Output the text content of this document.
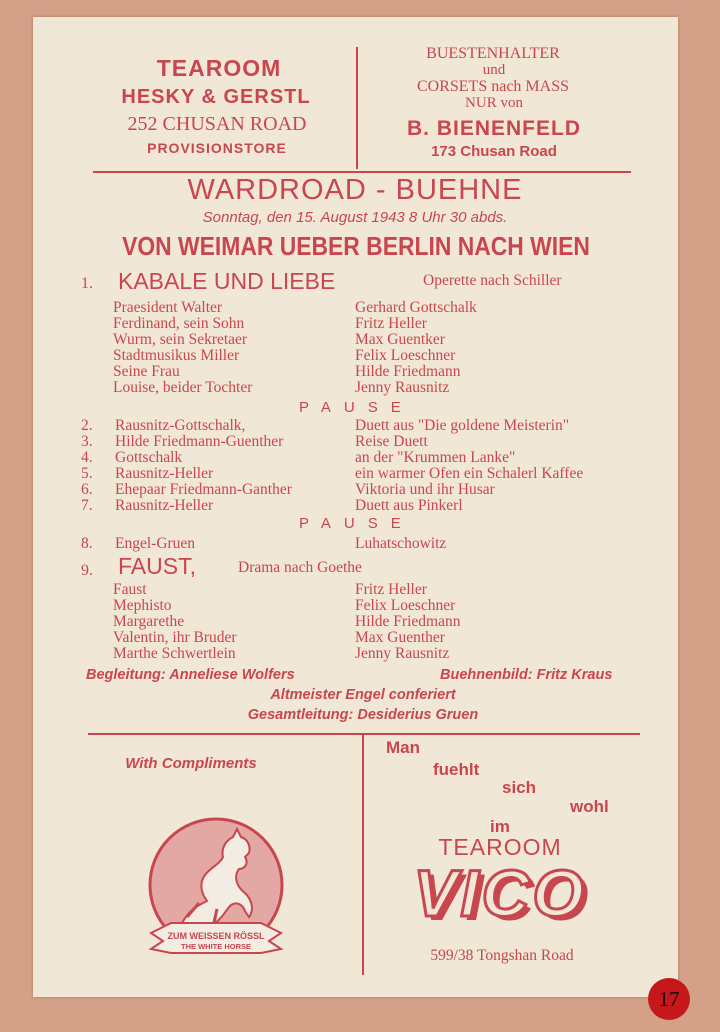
TEAROOM
HESKY & GERSTL
252 CHUSAN ROAD
PROVISIONSTORE
BUESTENHALTER
und
CORSETS nach MASS
NUR von
B. BIENENFELD
173 Chusan Road
WARDROAD - BUEHNE
Sonntag, den 15. August 1943 8 Uhr 30 abds.
VON WEIMAR UEBER BERLIN NACH WIEN
1. KABALE UND LIEBE	Operette nach Schiller
Praesident Walter	Gerhard Gottschalk
Ferdinand, sein Sohn	Fritz Heller
Wurm, sein Sekretaer	Max Guentker
Stadtmusikus Miller	Felix Loeschner
Seine Frau	Hilde Friedmann
Louise, beider Tochter	Jenny Rausnitz
PAUSE
2. Rausnitz-Gottschalk,	Duett aus "Die goldene Meisterin"
3. Hilde Friedmann-Guenther	Reise Duett
4. Gottschalk	an der "Krummen Lanke"
5. Rausnitz-Heller	ein warmer Ofen ein Schalerl Kaffee
6. Ehepaar Friedmann-Ganther	Viktoria und ihr Husar
7. Rausnitz-Heller	Duett aus Pinkerl
PAUSE
8. Engel-Gruen	Luhatschowitz
9. FAUST,	Drama nach Goethe
Faust	Fritz Heller
Mephisto	Felix Loeschner
Margarethe	Hilde Friedmann
Valentin, ihr Bruder	Max Guenther
Marthe Schwertlein	Jenny Rausnitz
Begleitung: Anneliese Wolfers	Buehnenbild: Fritz Kraus
Altmeister Engel conferiert
Gesamtleitung: Desiderius Gruen
With Compliments
ZUM WEISSEN RÖSSL
THE WHITE HORSE
Man
fuehlt
sich
wohl
im
TEAROOM
VICO
599/38 Tongshan Road
17
